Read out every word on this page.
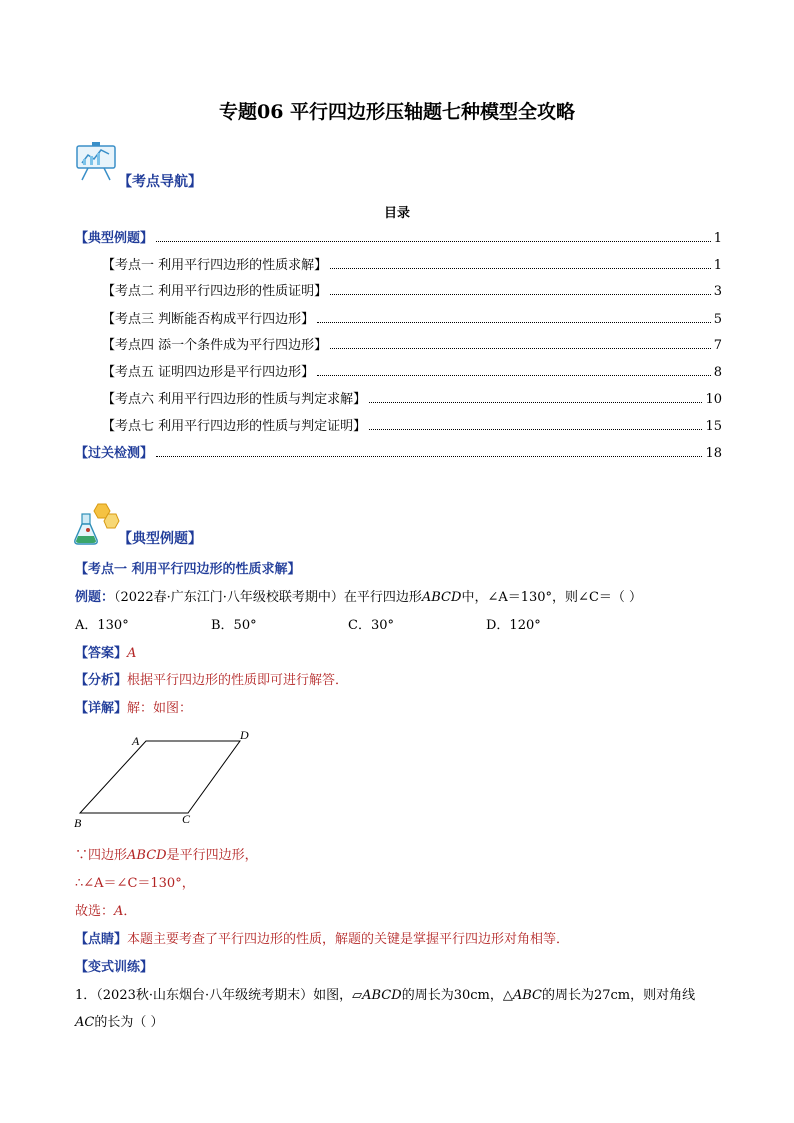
专题06 平行四边形压轴题七种模型全攻略
【考点导航】
目录
【典型例题】	1
【考点一 利用平行四边形的性质求解】	1
【考点二 利用平行四边形的性质证明】	3
【考点三 判断能否构成平行四边形】	5
【考点四 添一个条件成为平行四边形】	7
【考点五 证明四边形是平行四边形】	8
【考点六 利用平行四边形的性质与判定求解】	10
【考点七 利用平行四边形的性质与判定证明】	15
【过关检测】	18
【典型例题】
【考点一 利用平行四边形的性质求解】
例题：（2022春·广东江门·八年级校联考期中）在平行四边形ABCD中，∠A＝130°，则∠C＝（ ）
A．130°	B．50°	C．30°	D．120°
【答案】A
【分析】根据平行四边形的性质即可进行解答．
【详解】解：如图：
A	D
B	C
∵四边形ABCD是平行四边形，
∴∠A＝∠C＝130°，
故选：A．
【点睛】本题主要考查了平行四边形的性质，解题的关键是掌握平行四边形对角相等．
【变式训练】
1．（2023秋·山东烟台·八年级统考期末）如图，▱ABCD的周长为30cm，△ABC的周长为27cm，则对角线
AC的长为（ ）
